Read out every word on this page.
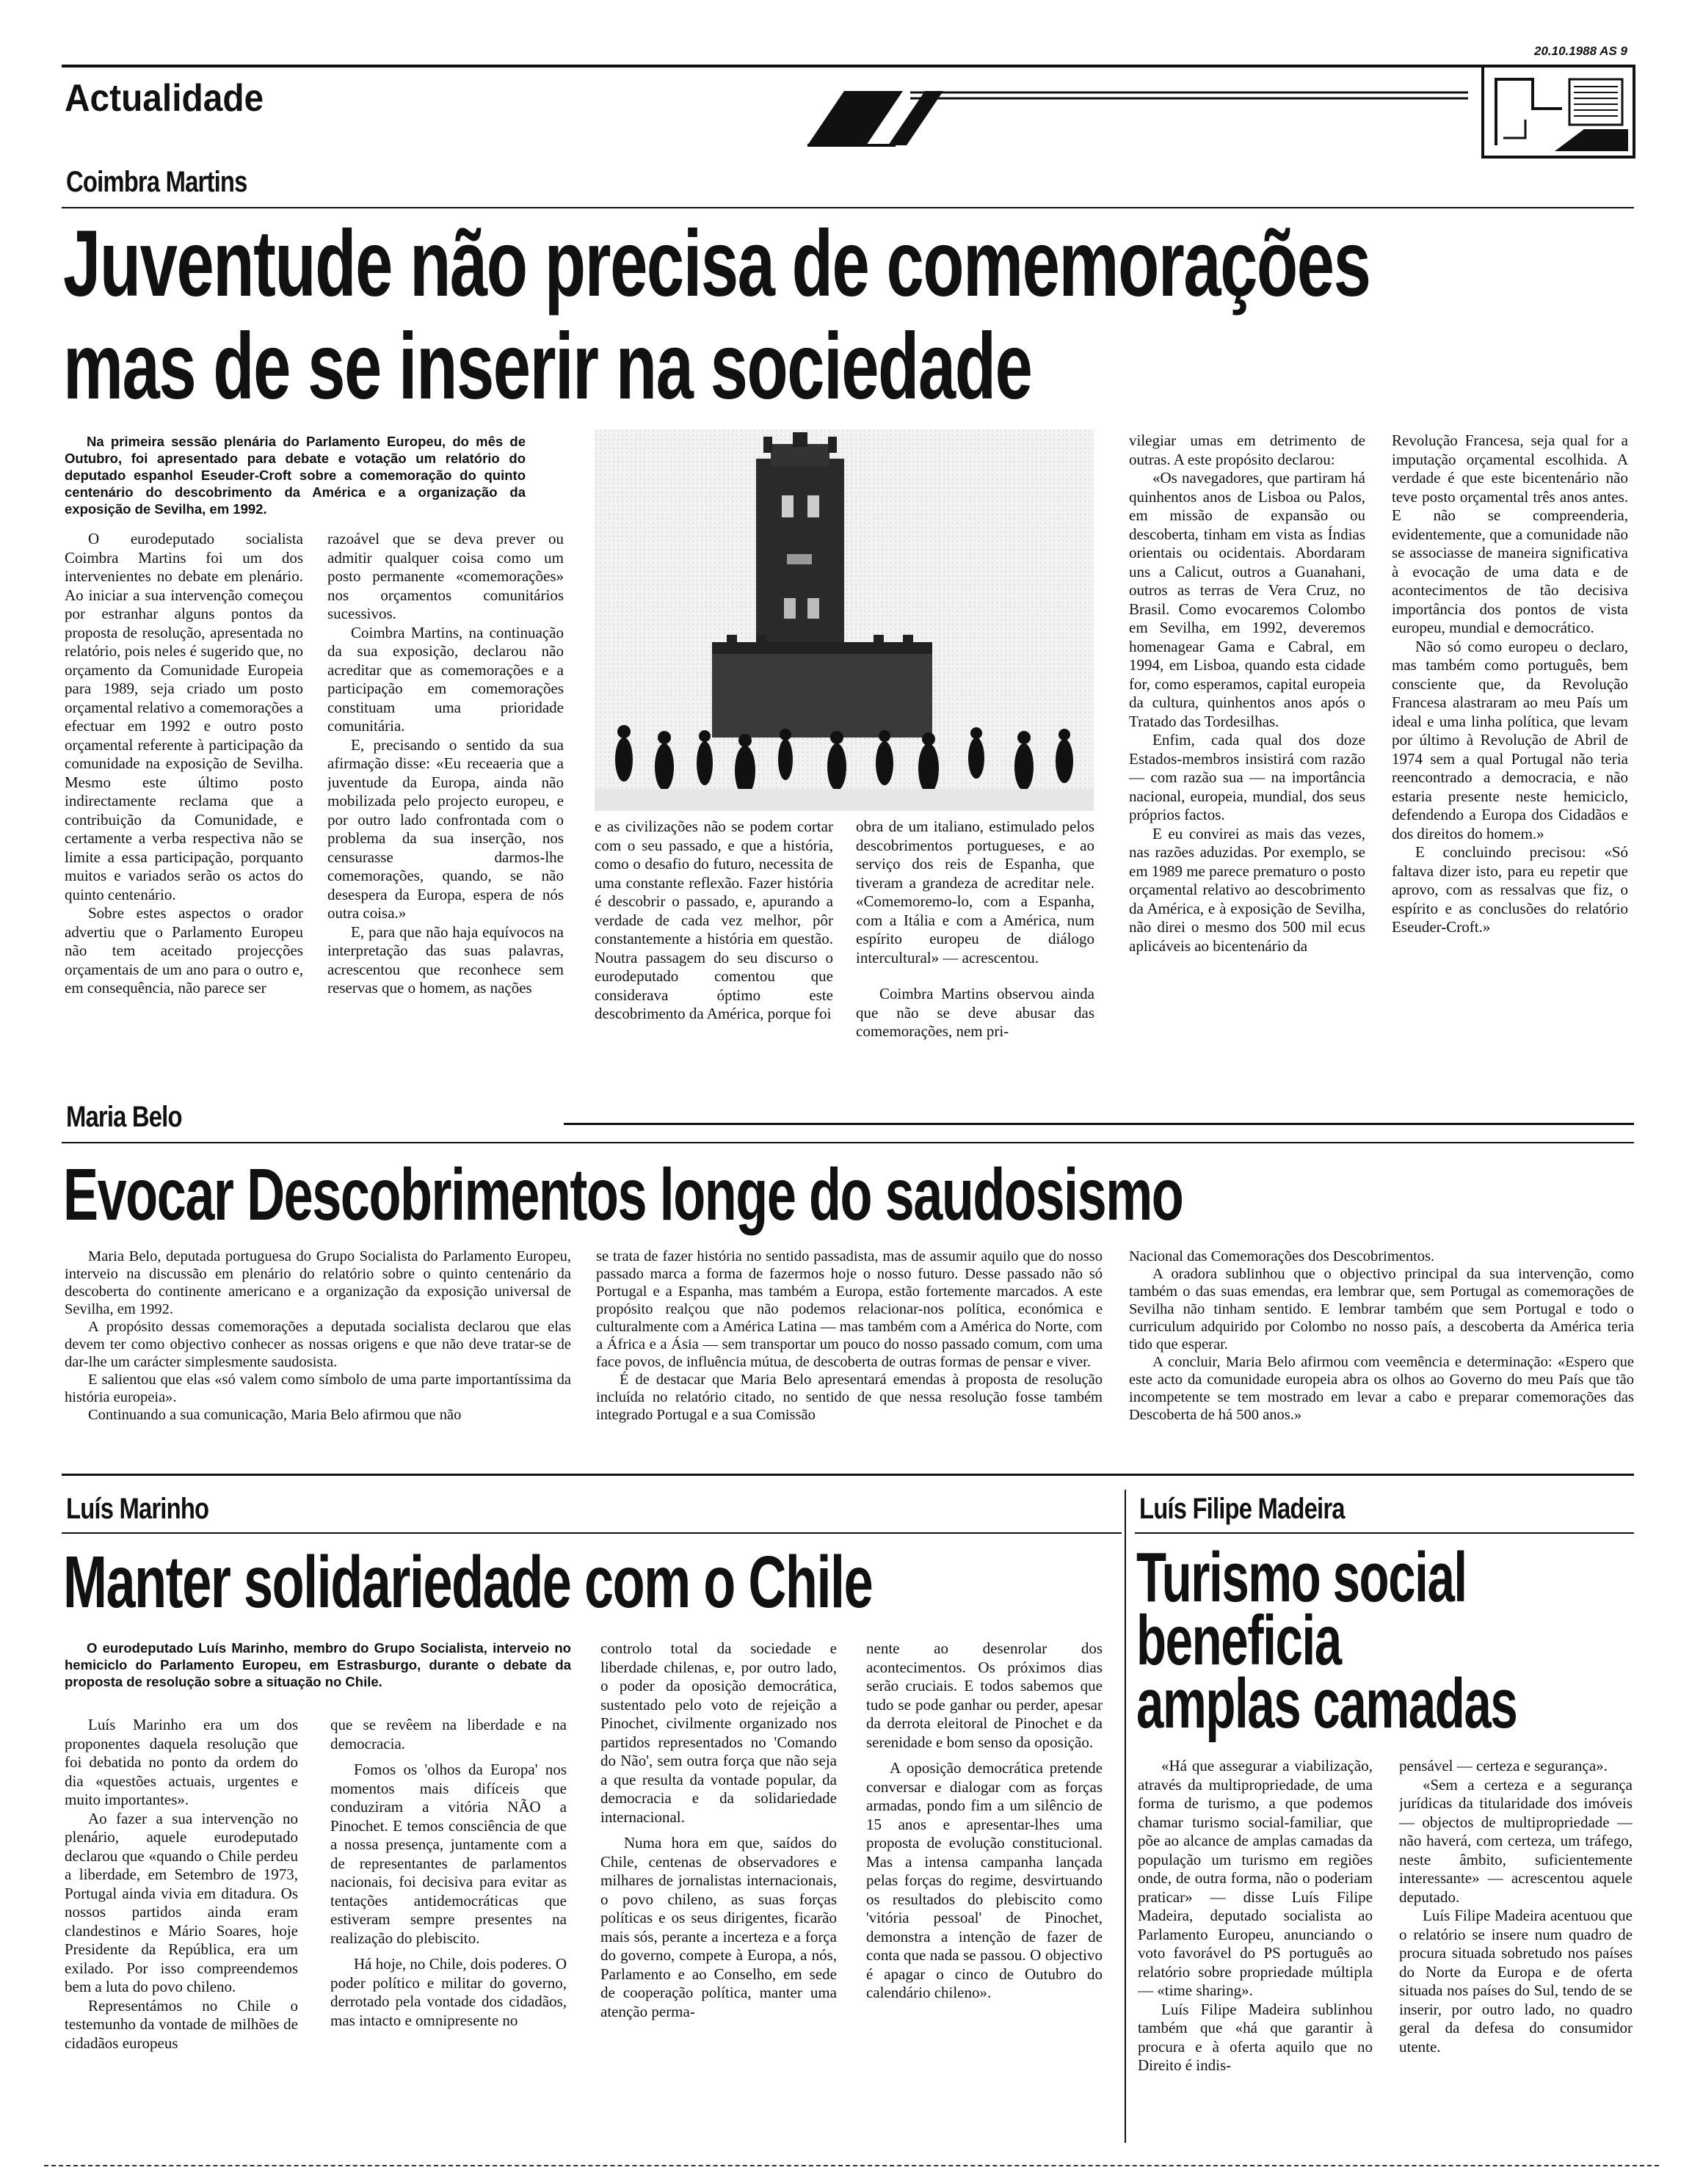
20.10.1988 AS 9
Actualidade
Coimbra Martins
Juventude não precisa de comemorações
mas de se inserir na sociedade

Na primeira sessão plenária do Parlamento Europeu, do mês de Outubro, foi apresentado para debate e votação um relatório do deputado espanhol Eseuder-Croft sobre a comemoração do quinto centenário do descobrimento da América e a organização da exposição de Sevilha, em 1992.

O eurodeputado socialista Coimbra Martins foi um dos intervenientes no debate em plenário. Ao iniciar a sua intervenção começou por estranhar alguns pontos da proposta de resolução, apresentada no relatório, pois neles é sugerido que, no orçamento da Comunidade Europeia para 1989, seja criado um posto orçamental relativo a comemorações a efectuar em 1992 e outro posto orçamental referente à participação da comunidade na exposição de Sevilha. Mesmo este último posto indirectamente reclama que a contribuição da Comunidade, e certamente a verba respectiva não se limite a essa participação, porquanto muitos e variados serão os actos do quinto centenário.

Sobre estes aspectos o orador advertiu que o Parlamento Europeu não tem aceitado projecções orçamentais de um ano para o outro e, em consequência, não parece ser

razoável que se deva prever ou admitir qualquer coisa como um posto permanente «comemorações» nos orçamentos comunitários sucessivos.

Coimbra Martins, na continuação da sua exposição, declarou não acreditar que as comemorações e a participação em comemorações constituam uma prioridade comunitária.

E, precisando o sentido da sua afirmação disse: «Eu receaeria que a juventude da Europa, ainda não mobilizada pelo projecto europeu, e por outro lado confrontada com o problema da sua inserção, nos censurasse darmos-lhe comemorações, quando, se não desespera da Europa, espera de nós outra coisa.»

E, para que não haja equívocos na interpretação das suas palavras, acrescentou que reconhece sem reservas que o homem, as nações

e as civilizações não se podem cortar com o seu passado, e que a história, como o desafio do futuro, necessita de uma constante reflexão. Fazer história é descobrir o passado, e, apurando a verdade de cada vez melhor, pôr constantemente a história em questão. Noutra passagem do seu discurso o eurodeputado comentou que considerava óptimo este descobrimento da América, porque foi

obra de um italiano, estimulado pelos descobrimentos portugueses, e ao serviço dos reis de Espanha, que tiveram a grandeza de acreditar nele. «Comemoremo-lo, com a Espanha, com a Itália e com a América, num espírito europeu de diálogo intercultural» — acrescentou.

Coimbra Martins observou ainda que não se deve abusar das comemorações, nem pri-

vilegiar umas em detrimento de outras. A este propósito declarou:

«Os navegadores, que partiram há quinhentos anos de Lisboa ou Palos, em missão de expansão ou descoberta, tinham em vista as Índias orientais ou ocidentais. Abordaram uns a Calicut, outros a Guanahani, outros as terras de Vera Cruz, no Brasil. Como evocaremos Colombo em Sevilha, em 1992, deveremos homenagear Gama e Cabral, em 1994, em Lisboa, quando esta cidade for, como esperamos, capital europeia da cultura, quinhentos anos após o Tratado das Tordesilhas.

Enfim, cada qual dos doze Estados-membros insistirá com razão — com razão sua — na importância nacional, europeia, mundial, dos seus próprios factos.

E eu convirei as mais das vezes, nas razões aduzidas. Por exemplo, se em 1989 me parece prematuro o posto orçamental relativo ao descobrimento da América, e à exposição de Sevilha, não direi o mesmo dos 500 mil ecus aplicáveis ao bicentenário da

Revolução Francesa, seja qual for a imputação orçamental escolhida. A verdade é que este bicentenário não teve posto orçamental três anos antes. E não se compreenderia, evidentemente, que a comunidade não se associasse de maneira significativa à evocação de uma data e de acontecimentos de tão decisiva importância dos pontos de vista europeu, mundial e democrático.

Não só como europeu o declaro, mas também como português, bem consciente que, da Revolução Francesa alastraram ao meu País um ideal e uma linha política, que levam por último à Revolução de Abril de 1974 sem a qual Portugal não teria reencontrado a democracia, e não estaria presente neste hemiciclo, defendendo a Europa dos Cidadãos e dos direitos do homem.»

E concluindo precisou: «Só faltava dizer isto, para eu repetir que aprovo, com as ressalvas que fiz, o espírito e as conclusões do relatório Eseuder-Croft.»

Maria Belo
Evocar Descobrimentos longe do saudosismo

Maria Belo, deputada portuguesa do Grupo Socialista do Parlamento Europeu, interveio na discussão em plenário do relatório sobre o quinto centenário da descoberta do continente americano e a organização da exposição universal de Sevilha, em 1992.

A propósito dessas comemorações a deputada socialista declarou que elas devem ter como objectivo conhecer as nossas origens e que não deve tratar-se de dar-lhe um carácter simplesmente saudosista.

E salientou que elas «só valem como símbolo de uma parte importantíssima da história europeia».

Continuando a sua comunicação, Maria Belo afirmou que não

se trata de fazer história no sentido passadista, mas de assumir aquilo que do nosso passado marca a forma de fazermos hoje o nosso futuro. Desse passado não só Portugal e a Espanha, mas também a Europa, estão fortemente marcados. A este propósito realçou que não podemos relacionar-nos política, económica e culturalmente com a América Latina — mas também com a América do Norte, com a África e a Ásia — sem transportar um pouco do nosso passado comum, com uma face povos, de influência mútua, de descoberta de outras formas de pensar e viver.

É de destacar que Maria Belo apresentará emendas à proposta de resolução incluída no relatório citado, no sentido de que nessa resolução fosse também integrado Portugal e a sua Comissão

Nacional das Comemorações dos Descobrimentos.

A oradora sublinhou que o objectivo principal da sua intervenção, como também o das suas emendas, era lembrar que, sem Portugal as comemorações de Sevilha não tinham sentido. E lembrar também que sem Portugal e todo o curriculum adquirido por Colombo no nosso país, a descoberta da América teria tido que esperar.

A concluir, Maria Belo afirmou com veemência e determinação: «Espero que este acto da comunidade europeia abra os olhos ao Governo do meu País que tão incompetente se tem mostrado em levar a cabo e preparar comemorações das Descoberta de há 500 anos.»

Luís Marinho
Manter solidariedade com o Chile

O eurodeputado Luís Marinho, membro do Grupo Socialista, interveio no hemiciclo do Parlamento Europeu, em Estrasburgo, durante o debate da proposta de resolução sobre a situação no Chile.

Luís Marinho era um dos proponentes daquela resolução que foi debatida no ponto da ordem do dia «questões actuais, urgentes e muito importantes».

Ao fazer a sua intervenção no plenário, aquele eurodeputado declarou que «quando o Chile perdeu a liberdade, em Setembro de 1973, Portugal ainda vivia em ditadura. Os nossos partidos ainda eram clandestinos e Mário Soares, hoje Presidente da República, era um exilado. Por isso compreendemos bem a luta do povo chileno.

Representámos no Chile o testemunho da vontade de milhões de cidadãos europeus

que se revêem na liberdade e na democracia.

Fomos os 'olhos da Europa' nos momentos mais difíceis que conduziram a vitória NÃO a Pinochet. E temos consciência de que a nossa presença, juntamente com a de representantes de parlamentos nacionais, foi decisiva para evitar as tentações antidemocráticas que estiveram sempre presentes na realização do plebiscito.

Há hoje, no Chile, dois poderes. O poder político e militar do governo, derrotado pela vontade dos cidadãos, mas intacto e omnipresente no

controlo total da sociedade e liberdade chilenas, e, por outro lado, o poder da oposição democrática, sustentado pelo voto de rejeição a Pinochet, civilmente organizado nos partidos representados no 'Comando do Não', sem outra força que não seja a que resulta da vontade popular, da democracia e da solidariedade internacional.

Numa hora em que, saídos do Chile, centenas de observadores e milhares de jornalistas internacionais, o povo chileno, as suas forças políticas e os seus dirigentes, ficarão mais sós, perante a incerteza e a força do governo, compete à Europa, a nós, Parlamento e ao Conselho, em sede de cooperação política, manter uma atenção perma-

nente ao desenrolar dos acontecimentos. Os próximos dias serão cruciais. E todos sabemos que tudo se pode ganhar ou perder, apesar da derrota eleitoral de Pinochet e da serenidade e bom senso da oposição.

A oposição democrática pretende conversar e dialogar com as forças armadas, pondo fim a um silêncio de 15 anos e apresentar-lhes uma proposta de evolução constitucional. Mas a intensa campanha lançada pelas forças do regime, desvirtuando os resultados do plebiscito como 'vitória pessoal' de Pinochet, demonstra a intenção de fazer de conta que nada se passou. O objectivo é apagar o cinco de Outubro do calendário chileno».

Luís Filipe Madeira
Turismo social
beneficia
amplas camadas

«Há que assegurar a viabilização, através da multipropriedade, de uma forma de turismo, a que podemos chamar turismo social-familiar, que põe ao alcance de amplas camadas da população um turismo em regiões onde, de outra forma, não o poderiam praticar» — disse Luís Filipe Madeira, deputado socialista ao Parlamento Europeu, anunciando o voto favorável do PS português ao relatório sobre propriedade múltipla — «time sharing».

Luís Filipe Madeira sublinhou também que «há que garantir à procura e à oferta aquilo que no Direito é indis-

pensável — certeza e segurança».

«Sem a certeza e a segurança jurídicas da titularidade dos imóveis — objectos de multipropriedade — não haverá, com certeza, um tráfego, neste âmbito, suficientemente interessante» — acrescentou aquele deputado.

Luís Filipe Madeira acentuou que o relatório se insere num quadro de procura situada sobretudo nos países do Norte da Europa e de oferta situada nos países do Sul, tendo de se inserir, por outro lado, no quadro geral da defesa do consumidor utente.
